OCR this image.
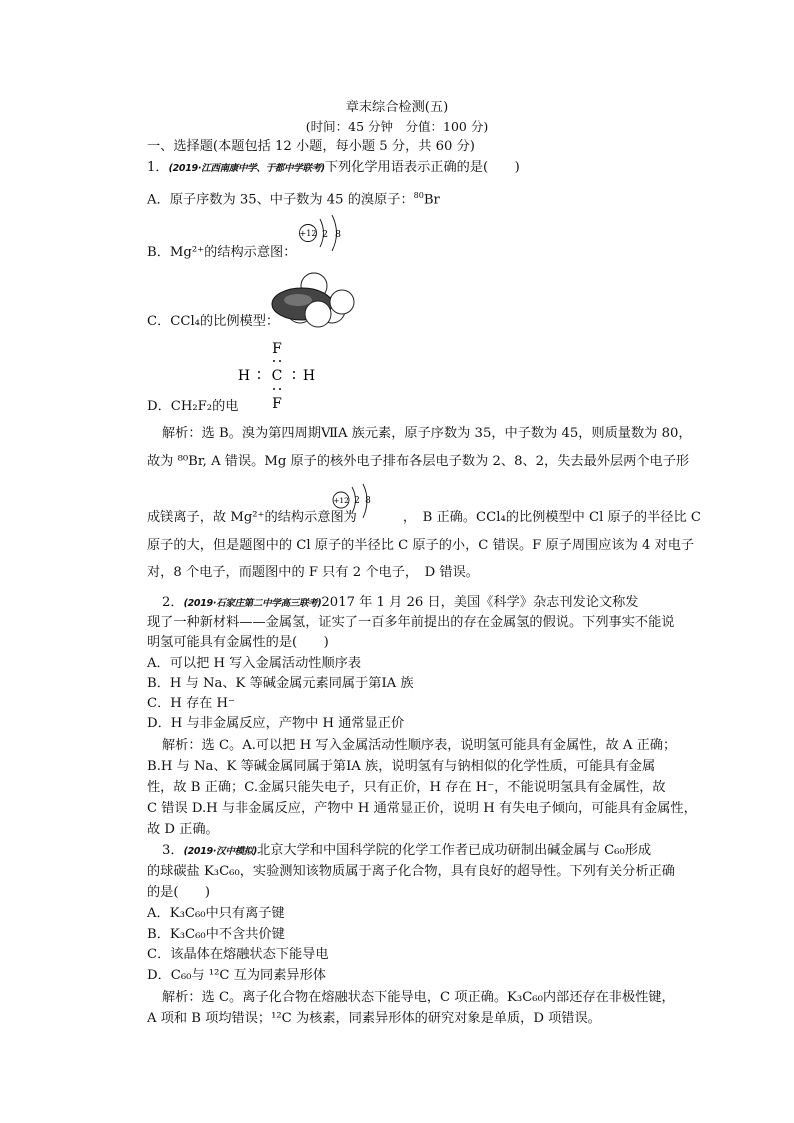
章末综合检测(五)
(时间：45 分钟　分值：100 分)
一、选择题(本题包括 12 小题，每小题 5 分，共 60 分)
1．(2019·江西南康中学、于都中学联考)下列化学用语表示正确的是(　　)
A．原子序数为 35、中子数为 45 的溴原子：$^{80}$Br
+12 2 8
B．Mg²⁺的结构示意图：
C．CCl₄的比例模型：
F
C
H	H
F
D．CH₂F₂的电
解析：选 B。溴为第四周期ⅦA 族元素，原子序数为 35，中子数为 45，则质量数为 80，
故为 ⁸⁰Br, A 错误。Mg 原子的核外电子排布各层电子数为 2、8、2，失去最外层两个电子形
成镁离子，故 Mg²⁺的结构示意图为	，　B 正确。CCl₄的比例模型中 Cl 原子的半径比 C
+12 2 8
原子的大，但是题图中的 Cl 原子的半径比 C 原子的小，C 错误。F 原子周围应该为 4 对电子
对，8 个电子，而题图中的 F 只有 2 个电子，　D 错误。
2．(2019·石家庄第二中学高三联考)2017 年 1 月 26 日，美国《科学》杂志刊发论文称发
现了一种新材料——金属氢，证实了一百多年前提出的存在金属氢的假说。下列事实不能说
明氢可能具有金属性的是(　　)
A．可以把 H 写入金属活动性顺序表
B．H 与 Na、K 等碱金属元素同属于第ⅠA 族
C．H 存在 H⁻
D．H 与非金属反应，产物中 H 通常显正价
解析：选 C。A.可以把 H 写入金属活动性顺序表，说明氢可能具有金属性，故 A 正确；
B.H 与 Na、K 等碱金属同属于第ⅠA 族，说明氢有与钠相似的化学性质，可能具有金属
性，故 B 正确；C.金属只能失电子，只有正价，H 存在 H⁻，不能说明氢具有金属性，故
C 错误 D.H 与非金属反应，产物中 H 通常显正价，说明 H 有失电子倾向，可能具有金属性，
故 D 正确。
3．(2019·汉中模拟)北京大学和中国科学院的化学工作者已成功研制出碱金属与 C₆₀形成
的球碳盐 K₃C₆₀，实验测知该物质属于离子化合物，具有良好的超导性。下列有关分析正确
的是(　　)
A．K₃C₆₀中只有离子键
B．K₃C₆₀中不含共价键
C．该晶体在熔融状态下能导电
D．C₆₀与 ¹²C 互为同素异形体
解析：选 C。离子化合物在熔融状态下能导电，C 项正确。K₃C₆₀内部还存在非极性键，
A 项和 B 项均错误；¹²C 为核素，同素异形体的研究对象是单质，D 项错误。
